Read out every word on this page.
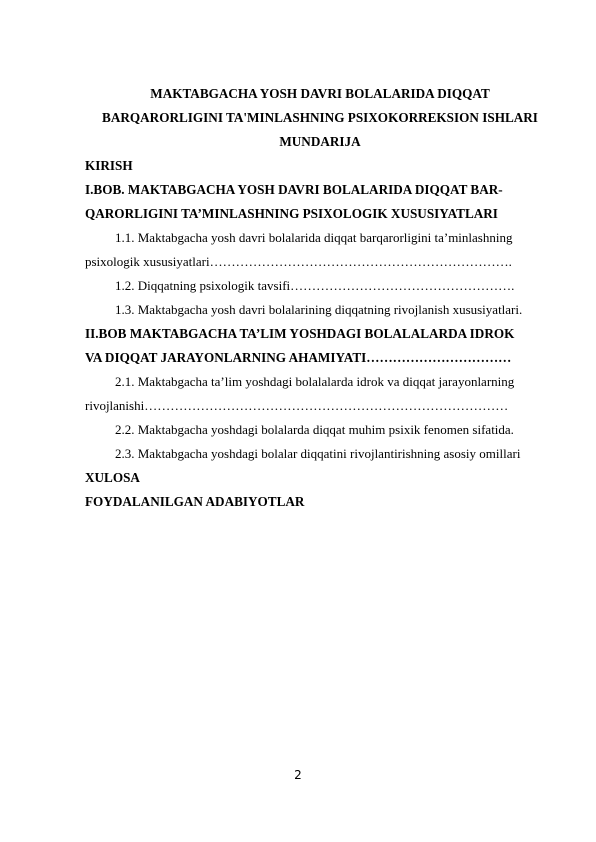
MAKTABGACHA YOSH DAVRI BOLALARIDA DIQQAT
BARQARORLIGINI TA'MINLASHNING PSIXOKORREKSION ISHLARI
MUNDARIJA
KIRISH
I.BOB. MAKTABGACHA YOSH DAVRI BOLALARIDA DIQQAT BAR-
QARORLIGINI TA’MINLASHNING PSIXOLOGIK XUSUSIYATLARI
1.1. Maktabgacha yosh davri bolalarida diqqat barqarorligini ta’minlashning
psixologik xususiyatlari…………………………………………………………….
1.2. Diqqatning psixologik tavsifi…………………………………………….
1.3. Maktabgacha yosh davri bolalarining diqqatning rivojlanish xususiyatlari.
II.BOB MAKTABGACHA TA’LIM YOSHDAGI BOLALALARDA IDROK
VA DIQQAT JARAYONLARNING AHAMIYATI……………………………
2.1. Maktabgacha ta’lim yoshdagi bolalalarda idrok va diqqat jarayonlarning
rivojlanishi…………………………………………………………………………
2.2. Maktabgacha yoshdagi bolalarda diqqat muhim psixik fenomen sifatida.
2.3. Maktabgacha yoshdagi bolalar diqqatini rivojlantirishning asosiy omillari
XULOSA
FOYDALANILGAN ADABIYOTLAR
2
